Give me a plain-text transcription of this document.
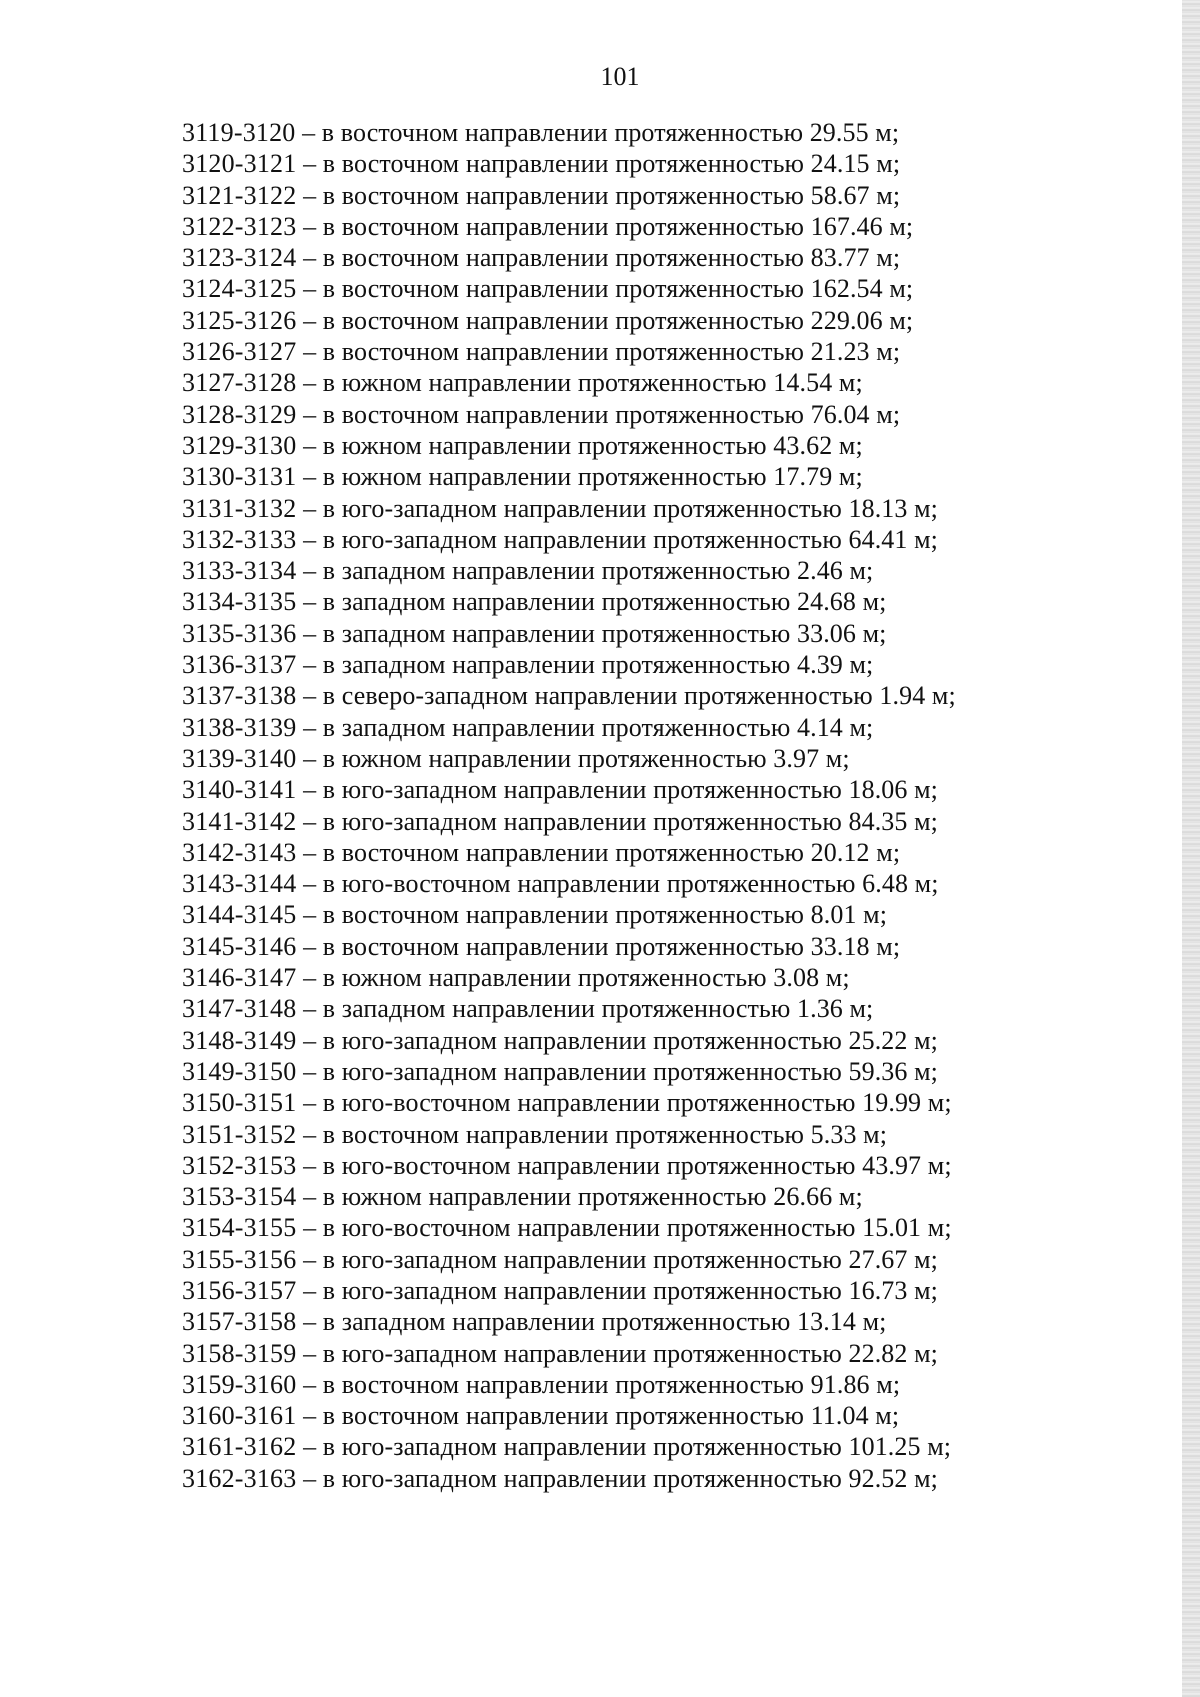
101
3119-3120 – в восточном направлении протяженностью 29.55 м;
3120-3121 – в восточном направлении протяженностью 24.15 м;
3121-3122 – в восточном направлении протяженностью 58.67 м;
3122-3123 – в восточном направлении протяженностью 167.46 м;
3123-3124 – в восточном направлении протяженностью 83.77 м;
3124-3125 – в восточном направлении протяженностью 162.54 м;
3125-3126 – в восточном направлении протяженностью 229.06 м;
3126-3127 – в восточном направлении протяженностью 21.23 м;
3127-3128 – в южном направлении протяженностью 14.54 м;
3128-3129 – в восточном направлении протяженностью 76.04 м;
3129-3130 – в южном направлении протяженностью 43.62 м;
3130-3131 – в южном направлении протяженностью 17.79 м;
3131-3132 – в юго-западном направлении протяженностью 18.13 м;
3132-3133 – в юго-западном направлении протяженностью 64.41 м;
3133-3134 – в западном направлении протяженностью 2.46 м;
3134-3135 – в западном направлении протяженностью 24.68 м;
3135-3136 – в западном направлении протяженностью 33.06 м;
3136-3137 – в западном направлении протяженностью 4.39 м;
3137-3138 – в северо-западном направлении протяженностью 1.94 м;
3138-3139 – в западном направлении протяженностью 4.14 м;
3139-3140 – в южном направлении протяженностью 3.97 м;
3140-3141 – в юго-западном направлении протяженностью 18.06 м;
3141-3142 – в юго-западном направлении протяженностью 84.35 м;
3142-3143 – в восточном направлении протяженностью 20.12 м;
3143-3144 – в юго-восточном направлении протяженностью 6.48 м;
3144-3145 – в восточном направлении протяженностью 8.01 м;
3145-3146 – в восточном направлении протяженностью 33.18 м;
3146-3147 – в южном направлении протяженностью 3.08 м;
3147-3148 – в западном направлении протяженностью 1.36 м;
3148-3149 – в юго-западном направлении протяженностью 25.22 м;
3149-3150 – в юго-западном направлении протяженностью 59.36 м;
3150-3151 – в юго-восточном направлении протяженностью 19.99 м;
3151-3152 – в восточном направлении протяженностью 5.33 м;
3152-3153 – в юго-восточном направлении протяженностью 43.97 м;
3153-3154 – в южном направлении протяженностью 26.66 м;
3154-3155 – в юго-восточном направлении протяженностью 15.01 м;
3155-3156 – в юго-западном направлении протяженностью 27.67 м;
3156-3157 – в юго-западном направлении протяженностью 16.73 м;
3157-3158 – в западном направлении протяженностью 13.14 м;
3158-3159 – в юго-западном направлении протяженностью 22.82 м;
3159-3160 – в восточном направлении протяженностью 91.86 м;
3160-3161 – в восточном направлении протяженностью 11.04 м;
3161-3162 – в юго-западном направлении протяженностью 101.25 м;
3162-3163 – в юго-западном направлении протяженностью 92.52 м;
